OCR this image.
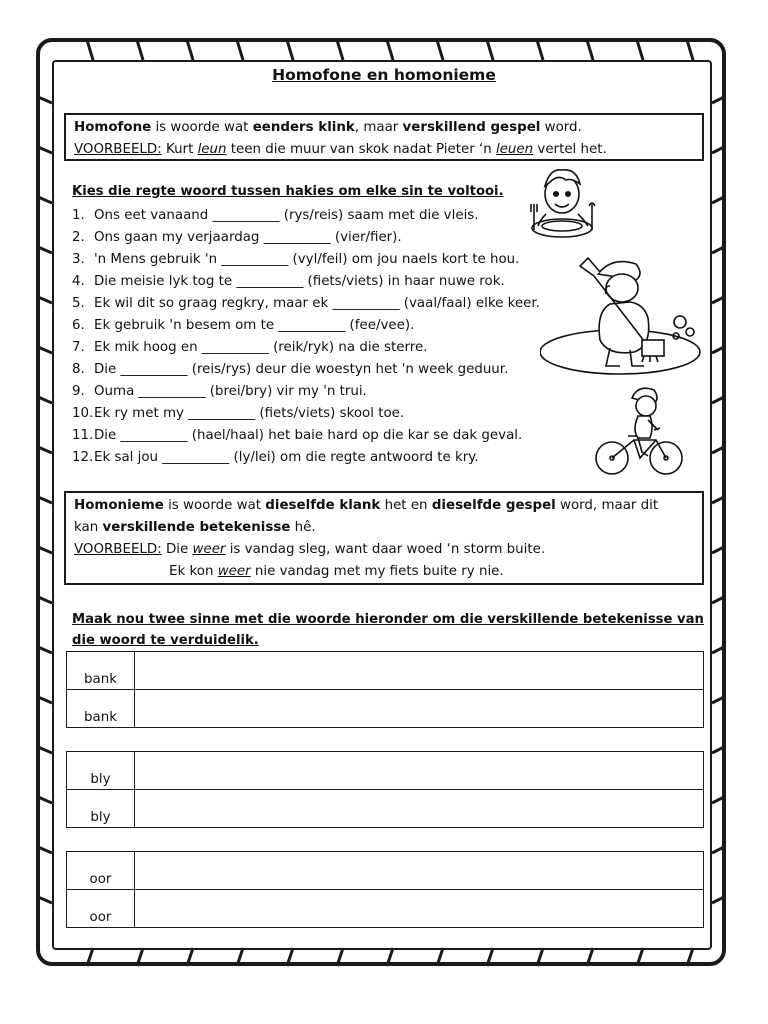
Homofone en homonieme
Homofone is woorde wat eenders klink, maar verskillend gespel word.
VOORBEELD: Kurt leun teen die muur van skok nadat Pieter ‘n leuen vertel het.
Kies die regte woord tussen hakies om elke sin te voltooi.
1. Ons eet vanaand __________ (rys/reis) saam met die vleis.
2. Ons gaan my verjaardag __________ (vier/fier).
3. 'n Mens gebruik 'n __________ (vyl/feil) om jou naels kort te hou.
4. Die meisie lyk tog te __________ (fiets/viets) in haar nuwe rok.
5. Ek wil dit so graag regkry, maar ek __________ (vaal/faal) elke keer.
6. Ek gebruik 'n besem om te __________ (fee/vee).
7. Ek mik hoog en __________ (reik/ryk) na die sterre.
8. Die __________ (reis/rys) deur die woestyn het 'n week geduur.
9. Ouma __________ (brei/bry) vir my 'n trui.
10.Ek ry met my __________ (fiets/viets) skool toe.
11.Die __________ (hael/haal) het baie hard op die kar se dak geval.
12.Ek sal jou __________ (ly/lei) om die regte antwoord te kry.
Homonieme is woorde wat dieselfde klank het en dieselfde gespel word, maar dit
kan verskillende betekenisse hê.
VOORBEELD: Die weer is vandag sleg, want daar woed ‘n storm buite.
Ek kon weer nie vandag met my fiets buite ry nie.
Maak nou twee sinne met die woorde hieronder om die verskillende betekenisse van
die woord te verduidelik.
bank	
bank	
bly	
bly	
oor	
oor	
